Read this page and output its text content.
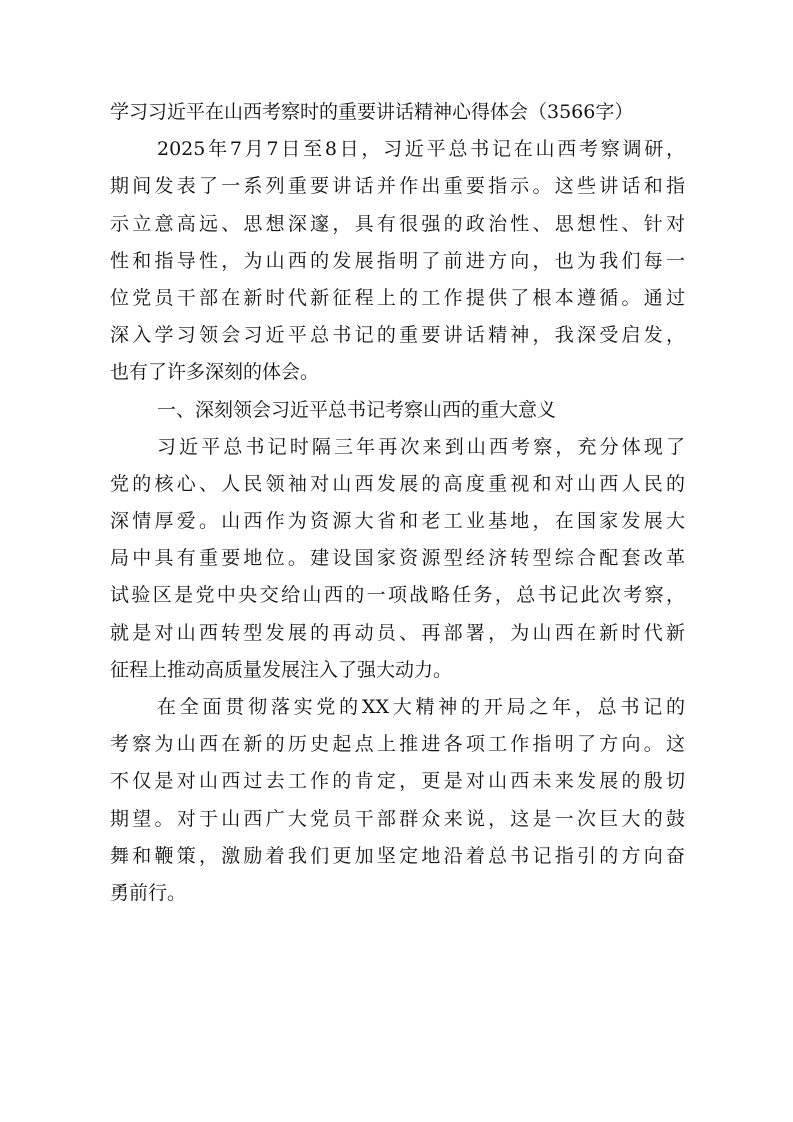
学习习近平在山西考察时的重要讲话精神心得体会（3566字）
2025年7月7日至8日，习近平总书记在山西考察调研，
期间发表了一系列重要讲话并作出重要指示。这些讲话和指
示立意高远、思想深邃，具有很强的政治性、思想性、针对
性和指导性，为山西的发展指明了前进方向，也为我们每一
位党员干部在新时代新征程上的工作提供了根本遵循。通过
深入学习领会习近平总书记的重要讲话精神，我深受启发，
也有了许多深刻的体会。
一、深刻领会习近平总书记考察山西的重大意义
习近平总书记时隔三年再次来到山西考察，充分体现了
党的核心、人民领袖对山西发展的高度重视和对山西人民的
深情厚爱。山西作为资源大省和老工业基地，在国家发展大
局中具有重要地位。建设国家资源型经济转型综合配套改革
试验区是党中央交给山西的一项战略任务，总书记此次考察，
就是对山西转型发展的再动员、再部署，为山西在新时代新
征程上推动高质量发展注入了强大动力。
在全面贯彻落实党的XX大精神的开局之年，总书记的
考察为山西在新的历史起点上推进各项工作指明了方向。这
不仅是对山西过去工作的肯定，更是对山西未来发展的殷切
期望。对于山西广大党员干部群众来说，这是一次巨大的鼓
舞和鞭策，激励着我们更加坚定地沿着总书记指引的方向奋
勇前行。
